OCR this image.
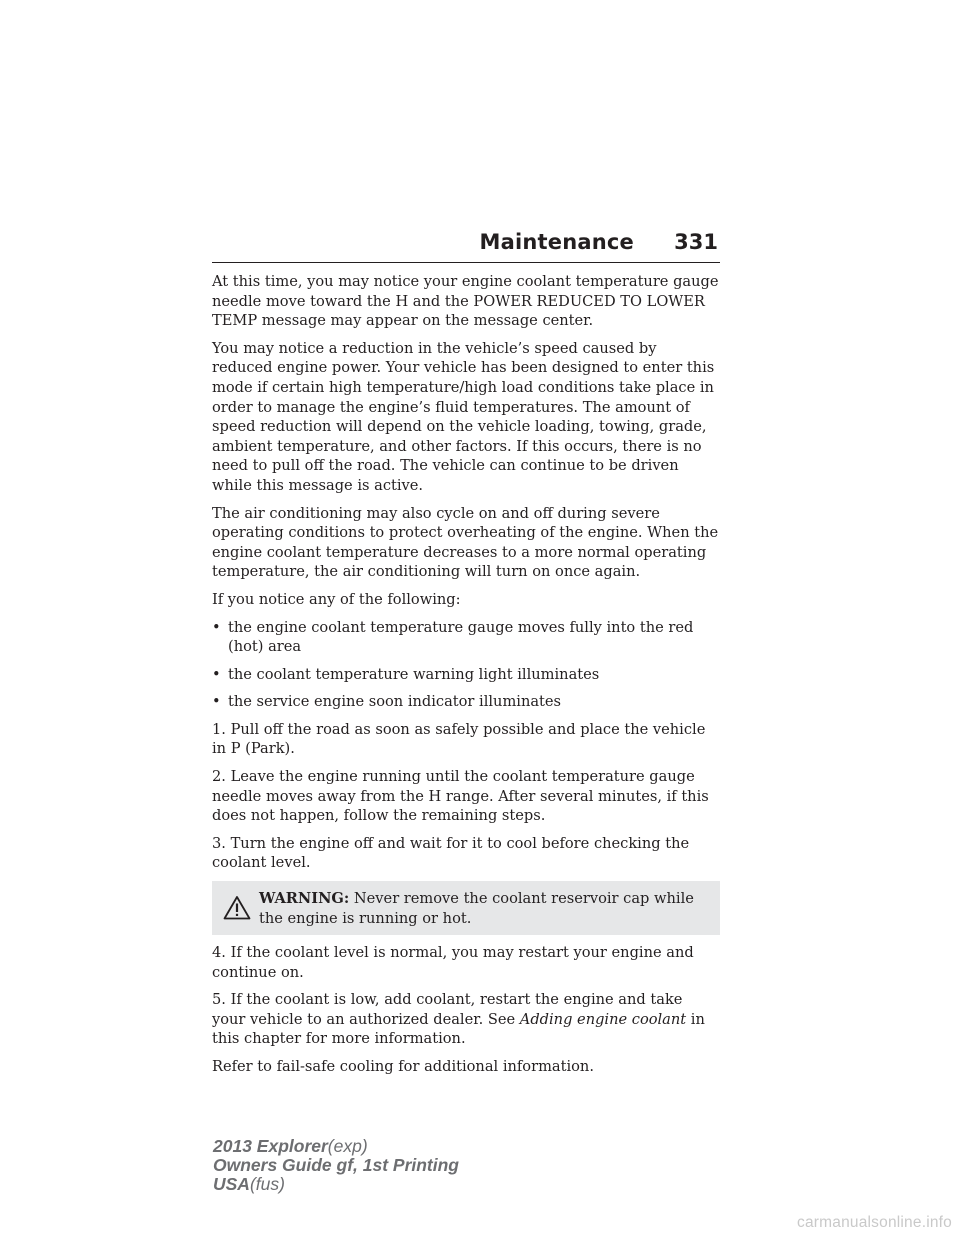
Maintenance 331

At this time, you may notice your engine coolant temperature gauge needle move toward the H and the POWER REDUCED TO LOWER TEMP message may appear on the message center.

You may notice a reduction in the vehicle’s speed caused by reduced engine power. Your vehicle has been designed to enter this mode if certain high temperature/high load conditions take place in order to manage the engine’s fluid temperatures. The amount of speed reduction will depend on the vehicle loading, towing, grade, ambient temperature, and other factors. If this occurs, there is no need to pull off the road. The vehicle can continue to be driven while this message is active.

The air conditioning may also cycle on and off during severe operating conditions to protect overheating of the engine. When the engine coolant temperature decreases to a more normal operating temperature, the air conditioning will turn on once again.

If you notice any of the following:

• the engine coolant temperature gauge moves fully into the red (hot) area
• the coolant temperature warning light illuminates
• the service engine soon indicator illuminates

1. Pull off the road as soon as safely possible and place the vehicle in P (Park).

2. Leave the engine running until the coolant temperature gauge needle moves away from the H range. After several minutes, if this does not happen, follow the remaining steps.

3. Turn the engine off and wait for it to cool before checking the coolant level.

WARNING: Never remove the coolant reservoir cap while the engine is running or hot.

4. If the coolant level is normal, you may restart your engine and continue on.

5. If the coolant is low, add coolant, restart the engine and take your vehicle to an authorized dealer. See Adding engine coolant in this chapter for more information.

Refer to fail-safe cooling for additional information.

2013 Explorer(exp)
Owners Guide gf, 1st Printing
USA(fus)
carmanualsonline.info
